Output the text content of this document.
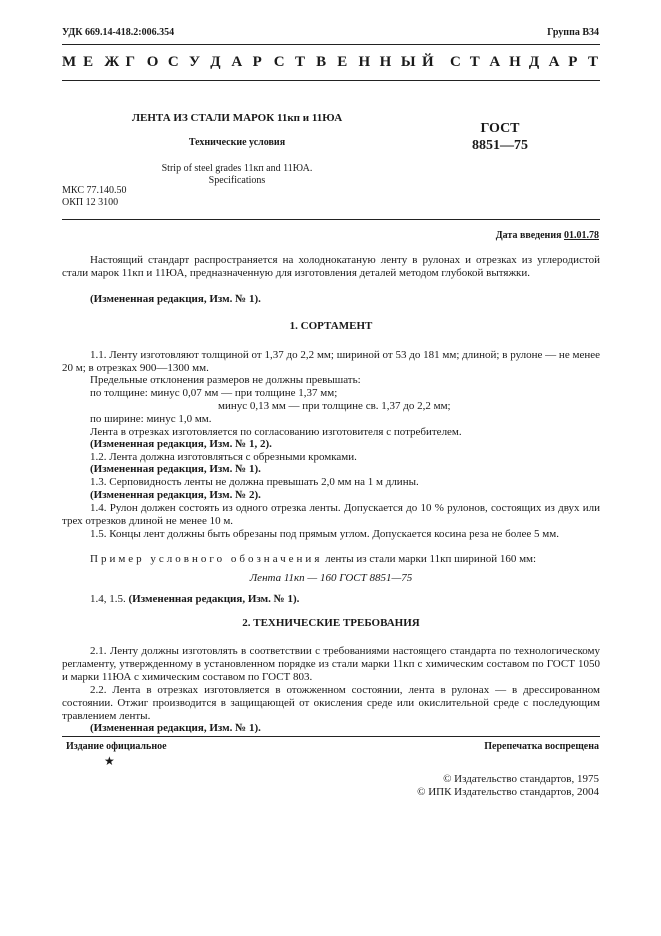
УДК 669.14-418.2:006.354	Группа В34
М Е Ж Г О С У Д А Р С Т В Е Н Н Ы Й С Т А Н Д А Р Т
ЛЕНТА ИЗ СТАЛИ МАРОК 11кп и 11ЮА
Технические условия
Strip of steel grades 11кп and 11ЮА.
Specifications
ГОСТ
8851—75
МКС 77.140.50
ОКП 12 3100
Дата введения 01.01.78
Настоящий стандарт распространяется на холоднокатаную ленту в рулонах и отрезках из углеродистой стали марок 11кп и 11ЮА, предназначенную для изготовления деталей методом глубокой вытяжки.
(Измененная редакция, Изм. № 1).
1. СОРТАМЕНТ
1.1. Ленту изготовляют толщиной от 1,37 до 2,2 мм; шириной от 53 до 181 мм; длиной; в рулоне — не менее 20 м; в отрезках 900—1300 мм.
Предельные отклонения размеров не должны превышать:
по толщине: минус 0,07 мм — при толщине 1,37 мм;
минус 0,13 мм — при толщине св. 1,37 до 2,2 мм;
по ширине: минус 1,0 мм.
Лента в отрезках изготовляется по согласованию изготовителя с потребителем.
(Измененная редакция, Изм. № 1, 2).
1.2. Лента должна изготовляться с обрезными кромками.
(Измененная редакция, Изм. № 1).
1.3. Серповидность ленты не должна превышать 2,0 мм на 1 м длины.
(Измененная редакция, Изм. № 2).
1.4. Рулон должен состоять из одного отрезка ленты. Допускается до 10 % рулонов, состоящих из двух или трех отрезков длиной не менее 10 м.
1.5. Концы лент должны быть обрезаны под прямым углом. Допускается косина реза не более 5 мм.
Пример условного обозначения ленты из стали марки 11кп шириной 160 мм:
Лента 11кп — 160 ГОСТ 8851—75
1.4, 1.5. (Измененная редакция, Изм. № 1).
2. ТЕХНИЧЕСКИЕ ТРЕБОВАНИЯ
2.1. Ленту должны изготовлять в соответствии с требованиями настоящего стандарта по технологическому регламенту, утвержденному в установленном порядке из стали марки 11кп с химическим составом по ГОСТ 1050 и марки 11ЮА с химическим составом по ГОСТ 803.
2.2. Лента в отрезках изготовляется в отожженном состоянии, лента в рулонах — в дрессированном состоянии. Отжиг производится в защищающей от окисления среде или окислительной среде с последующим травлением ленты.
(Измененная редакция, Изм. № 1).
Издание официальное	Перепечатка воспрещена
★
© Издательство стандартов, 1975
© ИПК Издательство стандартов, 2004
